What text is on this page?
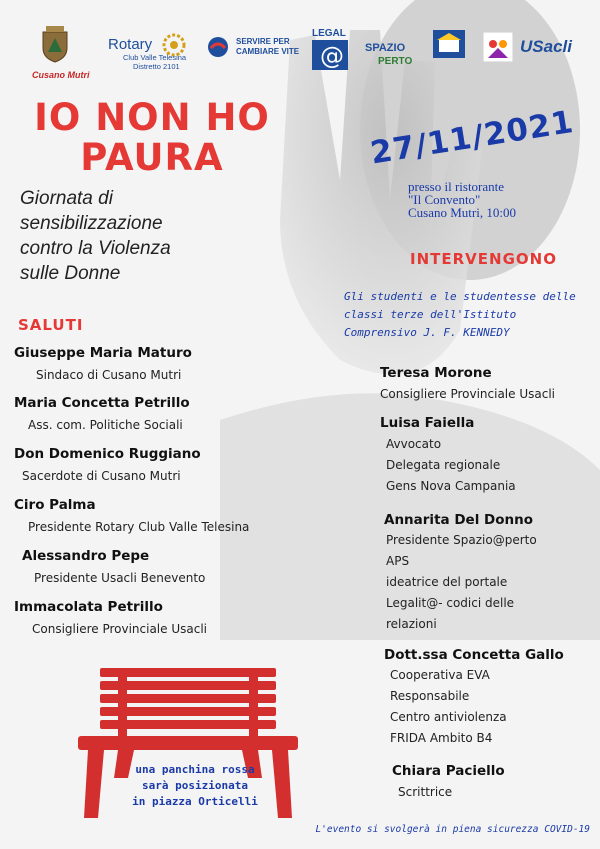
Cusano Mutri
Rotary
Club Valle Telesina
Distretto 2101
SERVIRE PER
CAMBIARE VITE
LEGAL
@ SPAZIO
PERTO
USacli
IO NON HO
PAURA
Giornata di
sensibilizzazione
contro la Violenza
sulle Donne
27/11/2021
presso il ristorante
"Il Convento"
Cusano Mutri, 10:00
SALUTI
Giuseppe Maria Maturo
Sindaco di Cusano Mutri
Maria Concetta Petrillo
Ass. com. Politiche Sociali
Don Domenico Ruggiano
Sacerdote di Cusano Mutri
Ciro Palma
Presidente Rotary Club Valle Telesina
Alessandro Pepe
Presidente Usacli Benevento
Immacolata Petrillo
Consigliere Provinciale Usacli
INTERVENGONO
Gli studenti e le studentesse delle
classi terze dell'Istituto
Comprensivo J. F. KENNEDY
Teresa Morone
Consigliere Provinciale Usacli
Luisa Faiella
Avvocato
Delegata regionale
Gens Nova Campania
Annarita Del Donno
Presidente Spazio@perto
APS
ideatrice del portale
Legalit@- codici delle
relazioni
Dott.ssa Concetta Gallo
Cooperativa EVA
Responsabile
Centro antiviolenza
FRIDA Ambito B4
Chiara Paciello
Scrittrice
una panchina rossa
sarà posizionata
in piazza Orticelli
L'evento si svolgerà in piena sicurezza COVID-19
